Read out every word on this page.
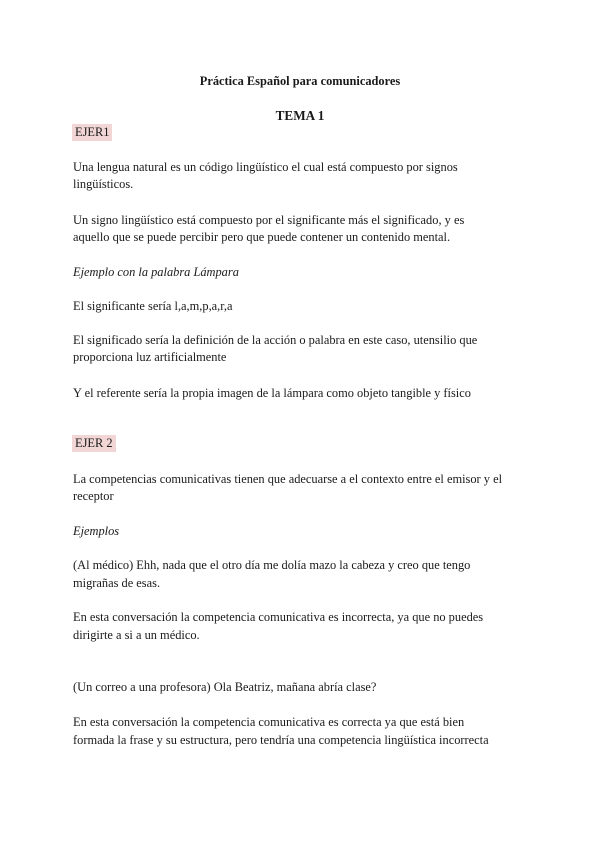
Práctica Español para comunicadores

TEMA 1

EJER1

Una lengua natural es un código lingüístico el cual está compuesto por signos

lingüísticos.

Un signo lingüístico está compuesto por el significante más el significado, y es

aquello que se puede percibir pero que puede contener un contenido mental.

Ejemplo con la palabra Lámpara

El significante sería l,a,m,p,a,r,a

El significado sería la definición de la acción o palabra en este caso, utensilio que

proporciona luz artificialmente

Y el referente sería la propia imagen de la lámpara como objeto tangible y físico

EJER 2

La competencias comunicativas tienen que adecuarse a el contexto entre el emisor y el

receptor

Ejemplos

(Al médico) Ehh, nada que el otro día me dolía mazo la cabeza y creo que tengo

migrañas de esas.

En esta conversación la competencia comunicativa es incorrecta, ya que no puedes

dirigirte a si a un médico.

(Un correo a una profesora) Ola Beatriz, mañana abría clase?

En esta conversación la competencia comunicativa es correcta ya que está bien

formada la frase y su estructura, pero tendría una competencia lingüística incorrecta
